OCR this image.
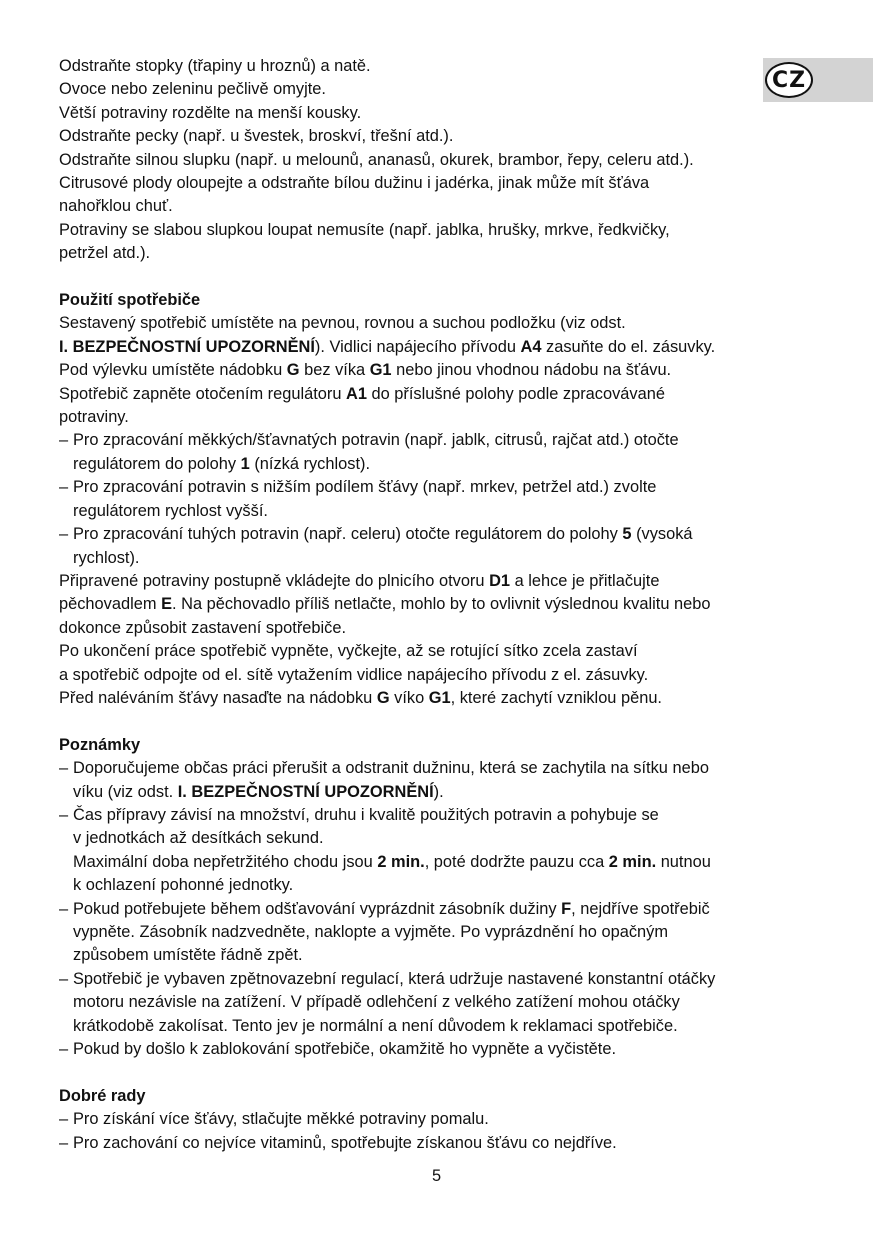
CZ

Odstraňte stopky (třapiny u hroznů) a natě.

Ovoce nebo zeleninu pečlivě omyjte.

Větší potraviny rozdělte na menší kousky.

Odstraňte pecky (např. u švestek, broskví, třešní atd.).

Odstraňte silnou slupku (např. u melounů, ananasů, okurek, brambor, řepy, celeru atd.).

Citrusové plody oloupejte a odstraňte bílou dužinu i jadérka, jinak může mít šťáva

nahořklou chuť.

Potraviny se slabou slupkou loupat nemusíte (např. jablka, hrušky, mrkve, ředkvičky,

petržel atd.).

Použití spotřebiče

Sestavený spotřebič umístěte na pevnou, rovnou a suchou podložku (viz odst.

I. BEZPEČNOSTNÍ UPOZORNĚNÍ). Vidlici napájecího přívodu A4 zasuňte do el. zásuvky.

Pod výlevku umístěte nádobku G bez víka G1 nebo jinou vhodnou nádobu na šťávu.

Spotřebič zapněte otočením regulátoru A1 do příslušné polohy podle zpracovávané

potraviny.

– Pro zpracování měkkých/šťavnatých potravin (např. jablk, citrusů, rajčat atd.) otočte

regulátorem do polohy 1 (nízká rychlost).

– Pro zpracování potravin s nižším podílem šťávy (např. mrkev, petržel atd.) zvolte

regulátorem rychlost vyšší.

– Pro zpracování tuhých potravin (např. celeru) otočte regulátorem do polohy 5 (vysoká

rychlost).

Připravené potraviny postupně vkládejte do plnicího otvoru D1 a lehce je přitlačujte

pěchovadlem E. Na pěchovadlo příliš netlačte, mohlo by to ovlivnit výslednou kvalitu nebo

dokonce způsobit zastavení spotřebiče.

Po ukončení práce spotřebič vypněte, vyčkejte, až se rotující sítko zcela zastaví

a spotřebič odpojte od el. sítě vytažením vidlice napájecího přívodu z el. zásuvky.

Před naléváním šťávy nasaďte na nádobku G víko G1, které zachytí vzniklou pěnu.

Poznámky

– Doporučujeme občas práci přerušit a odstranit dužninu, která se zachytila na sítku nebo

víku (viz odst. I. BEZPEČNOSTNÍ UPOZORNĚNÍ).

– Čas přípravy závisí na množství, druhu i kvalitě použitých potravin a pohybuje se

v jednotkách až desítkách sekund.

Maximální doba nepřetržitého chodu jsou 2 min., poté dodržte pauzu cca 2 min. nutnou

k ochlazení pohonné jednotky.

– Pokud potřebujete během odšťavování vyprázdnit zásobník dužiny F, nejdříve spotřebič

vypněte. Zásobník nadzvedněte, naklopte a vyjměte. Po vyprázdnění ho opačným

způsobem umístěte řádně zpět.

– Spotřebič je vybaven zpětnovazební regulací, která udržuje nastavené konstantní otáčky

motoru nezávisle na zatížení. V případě odlehčení z velkého zatížení mohou otáčky

krátkodobě zakolísat. Tento jev je normální a není důvodem k reklamaci spotřebiče.

– Pokud by došlo k zablokování spotřebiče, okamžitě ho vypněte a vyčistěte.

Dobré rady

– Pro získání více šťávy, stlačujte měkké potraviny pomalu.
– Pro zachování co nejvíce vitaminů, spotřebujte získanou šťávu co nejdříve.
5
